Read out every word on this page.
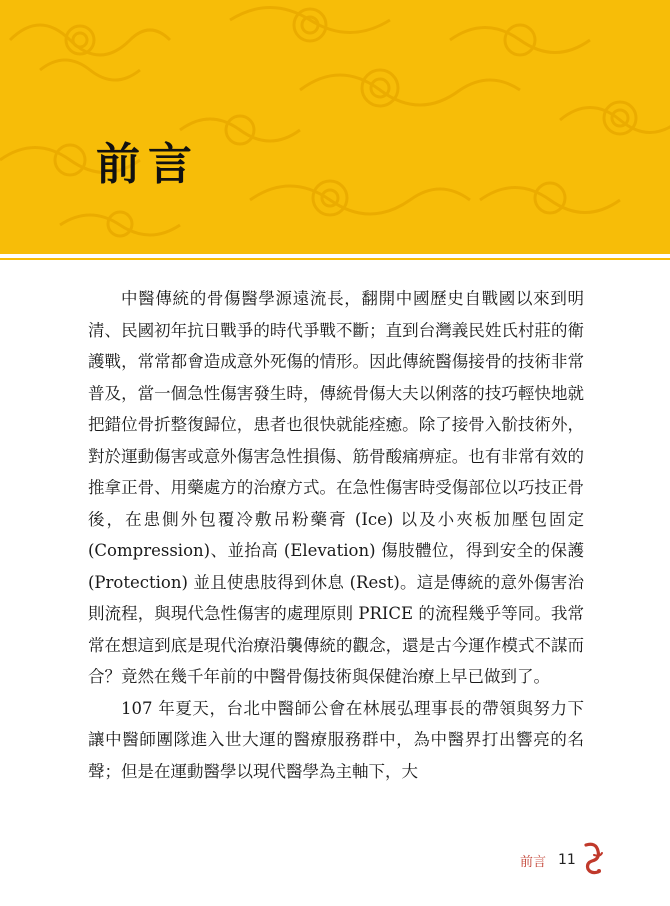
前言

中醫傳統的骨傷醫學源遠流長，翻開中國歷史自戰國以來到明清、民國初年抗日戰爭的時代爭戰不斷；直到台灣義民姓氏村莊的衛護戰，常常都會造成意外死傷的情形。因此傳統醫傷接骨的技術非常普及，當一個急性傷害發生時，傳統骨傷大夫以俐落的技巧輕快地就把錯位骨折整復歸位，患者也很快就能痊癒。除了接骨入骱技術外，對於運動傷害或意外傷害急性損傷、筋骨酸痛痹症。也有非常有效的推拿正骨、用藥處方的治療方式。在急性傷害時受傷部位以巧技正骨後，在患側外包覆冷敷吊粉藥膏 (Ice) 以及小夾板加壓包固定 (Compression)、並抬高 (Elevation) 傷肢體位，得到安全的保護 (Protection) 並且使患肢得到休息 (Rest)。這是傳統的意外傷害治則流程，與現代急性傷害的處理原則 PRICE 的流程幾乎等同。我常常在想這到底是現代治療沿襲傳統的觀念，還是古今運作模式不謀而合？竟然在幾千年前的中醫骨傷技術與保健治療上早已做到了。

107 年夏天，台北中醫師公會在林展弘理事長的帶領與努力下讓中醫師團隊進入世大運的醫療服務群中，為中醫界打出響亮的名聲；但是在運動醫學以現代醫學為主軸下，大

前言 11
